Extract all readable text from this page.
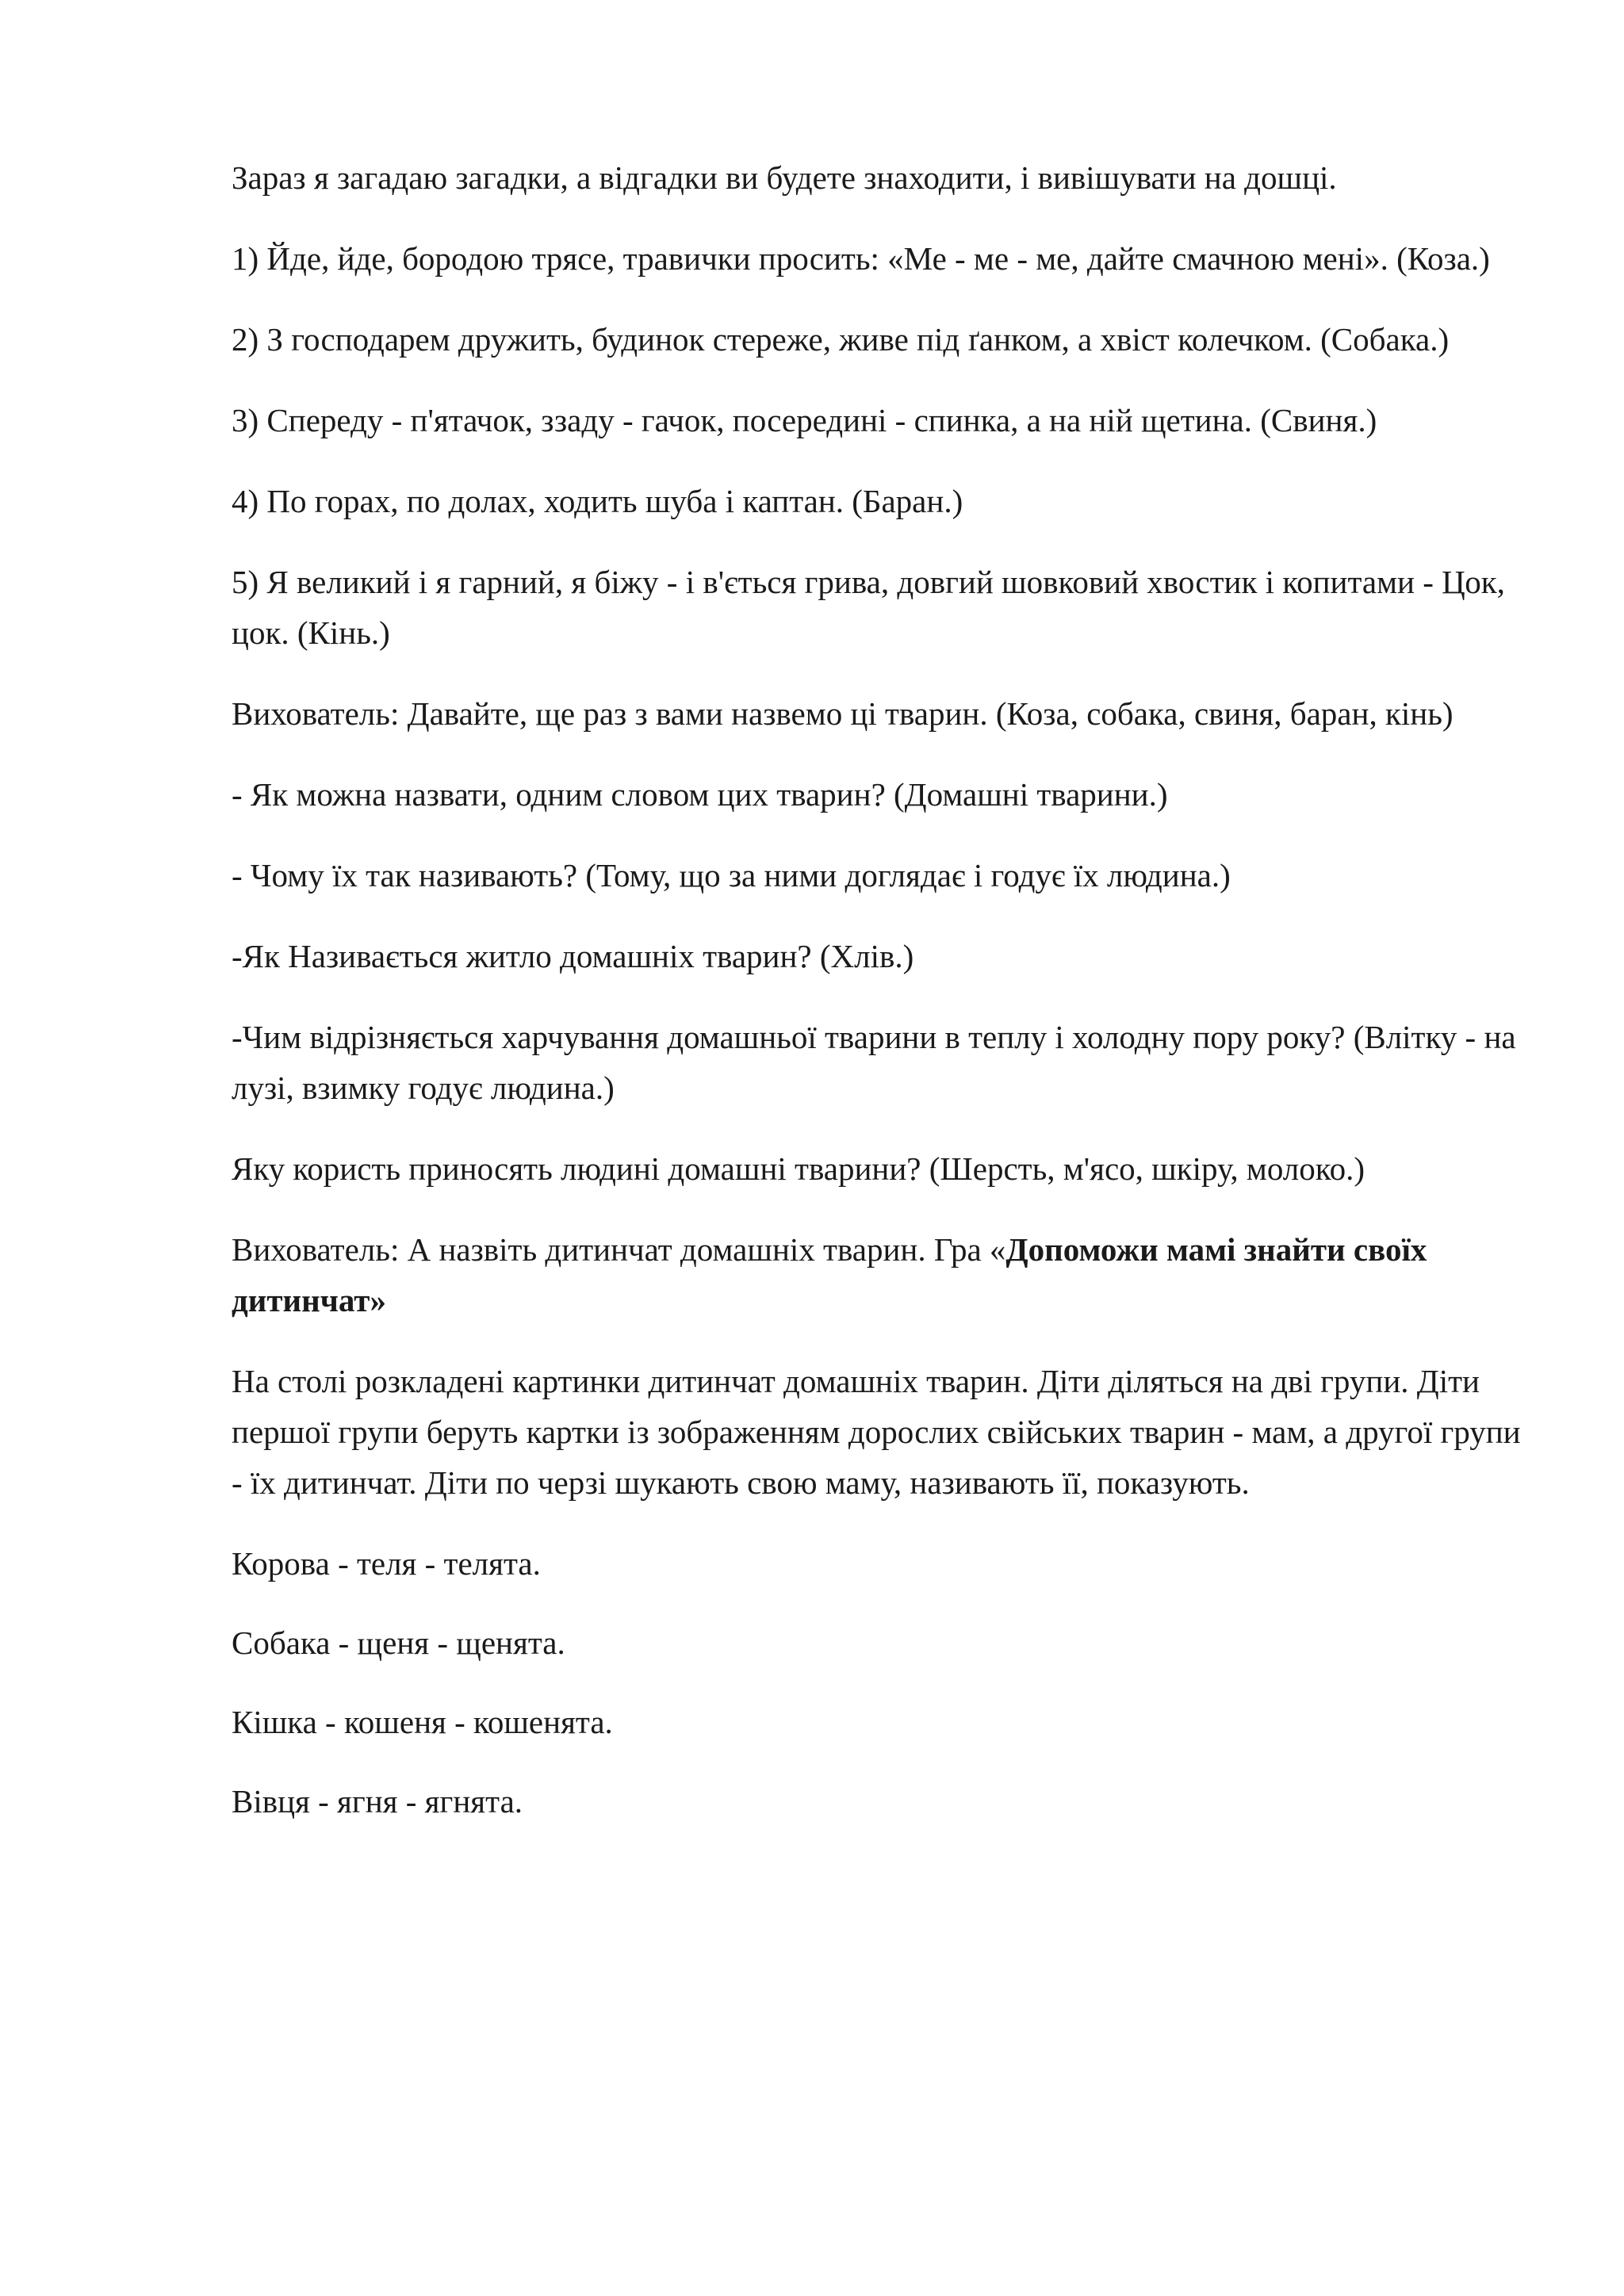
Зараз я загадаю загадки, а відгадки ви будете знаходити, і вивішувати на дошці.

1) Йде, йде, бородою трясе, травички просить: «Ме - ме - ме, дайте смачною мені». (Коза.)

2) З господарем дружить, будинок стереже, живе під ґанком, а хвіст колечком. (Собака.)

3) Спереду - п'ятачок, ззаду - гачок, посередині - спинка, а на ній щетина. (Свиня.)

4) По горах, по долах, ходить шуба і каптан. (Баран.)

5) Я великий і я гарний, я біжу - і в'ється грива, довгий шовковий хвостик і копитами - Цок, цок. (Кінь.)

Вихователь: Давайте, ще раз з вами назвемо ці тварин. (Коза, собака, свиня, баран, кінь)

- Як можна назвати, одним словом цих тварин? (Домашні тварини.)

- Чому їх так називають? (Тому, що за ними доглядає і годує їх людина.)

-Як Називається житло домашніх тварин? (Хлів.)

-Чим відрізняється харчування домашньої тварини в теплу і холодну пору року? (Влітку - на лузі, взимку годує людина.)

Яку користь приносять людині домашні тварини? (Шерсть, м'ясо, шкіру, молоко.)

Вихователь: А назвіть дитинчат домашніх тварин. Гра «Допоможи мамі знайти своїх дитинчат»

На столі розкладені картинки дитинчат домашніх тварин. Діти діляться на дві групи. Діти першої групи беруть картки із зображенням дорослих свійських тварин - мам, а другої групи - їх дитинчат. Діти по черзі шукають свою маму, називають її, показують.

Корова - теля - телята.

Собака - щеня - щенята.

Кішка - кошеня - кошенята.

Вівця - ягня - ягнята.
